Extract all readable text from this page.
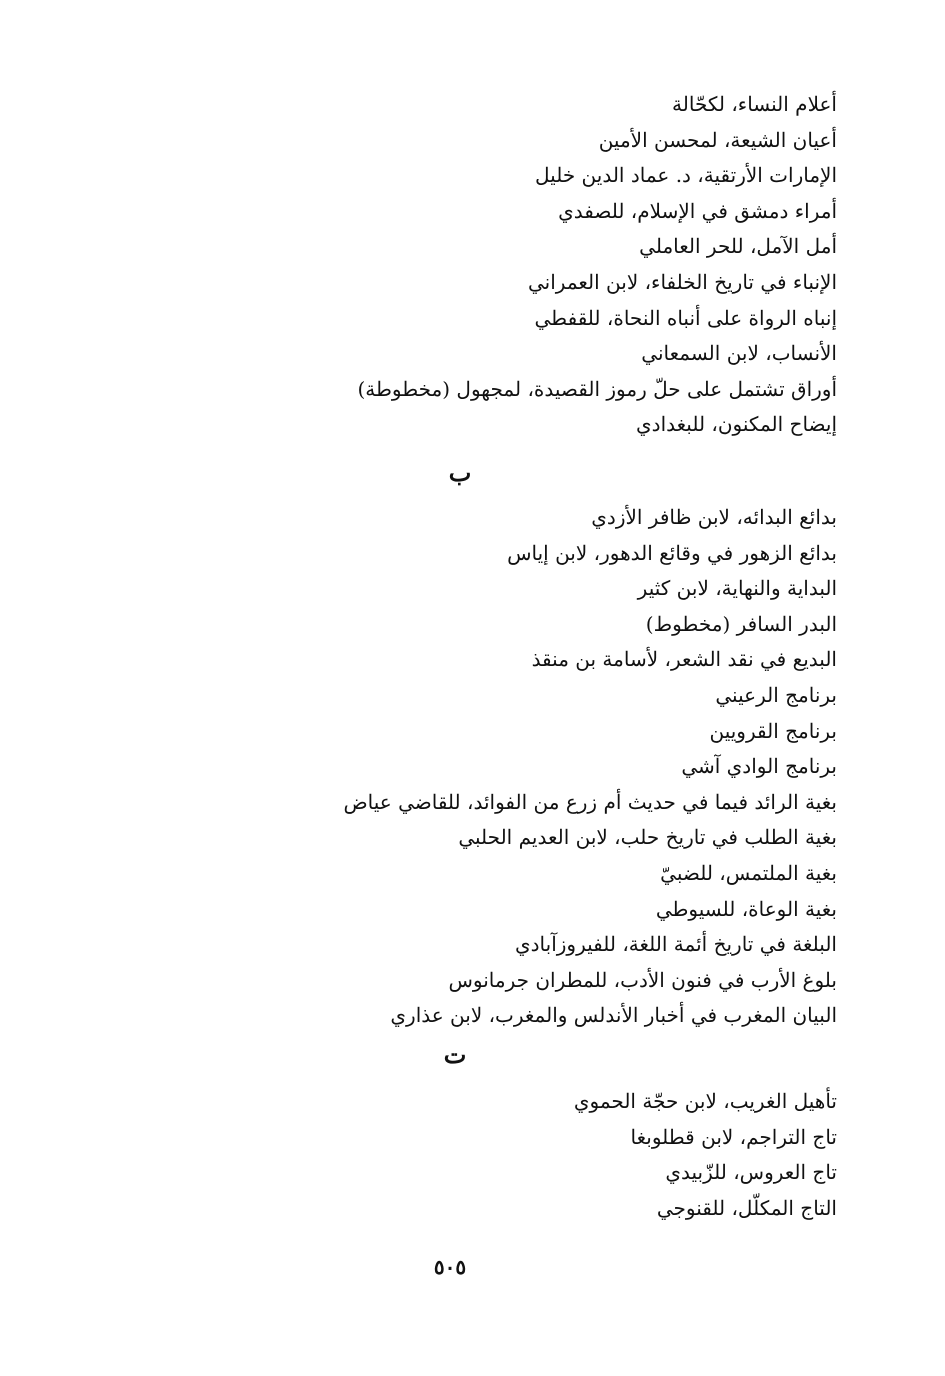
أعلام النساء، لكحّالة
أعيان الشيعة، لمحسن الأمين
الإمارات الأرتقية، د. عماد الدين خليل
أمراء دمشق في الإسلام، للصفدي
أمل الآمل، للحر العاملي
الإنباء في تاريخ الخلفاء، لابن العمراني
إنباه الرواة على أنباه النحاة، للقفطي
الأنساب، لابن السمعاني
أوراق تشتمل على حلّ رموز القصيدة، لمجهول (مخطوطة)
إيضاح المكنون، للبغدادي
ب
بدائع البدائه، لابن ظافر الأزدي
بدائع الزهور في وقائع الدهور، لابن إياس
البداية والنهاية، لابن كثير
البدر السافر (مخطوط)
البديع في نقد الشعر، لأسامة بن منقذ
برنامج الرعيني
برنامج القرويين
برنامج الوادي آشي
بغية الرائد فيما في حديث أم زرع من الفوائد، للقاضي عياض
بغية الطلب في تاريخ حلب، لابن العديم الحلبي
بغية الملتمس، للضبيّ
بغية الوعاة، للسيوطي
البلغة في تاريخ أئمة اللغة، للفيروزآبادي
بلوغ الأرب في فنون الأدب، للمطران جرمانوس
البيان المغرب في أخبار الأندلس والمغرب، لابن عذاري
ت
تأهيل الغريب، لابن حجّة الحموي
تاج التراجم، لابن قطلوبغا
تاج العروس، للزّبيدي
التاج المكلّل، للقنوجي
٥٠٥
